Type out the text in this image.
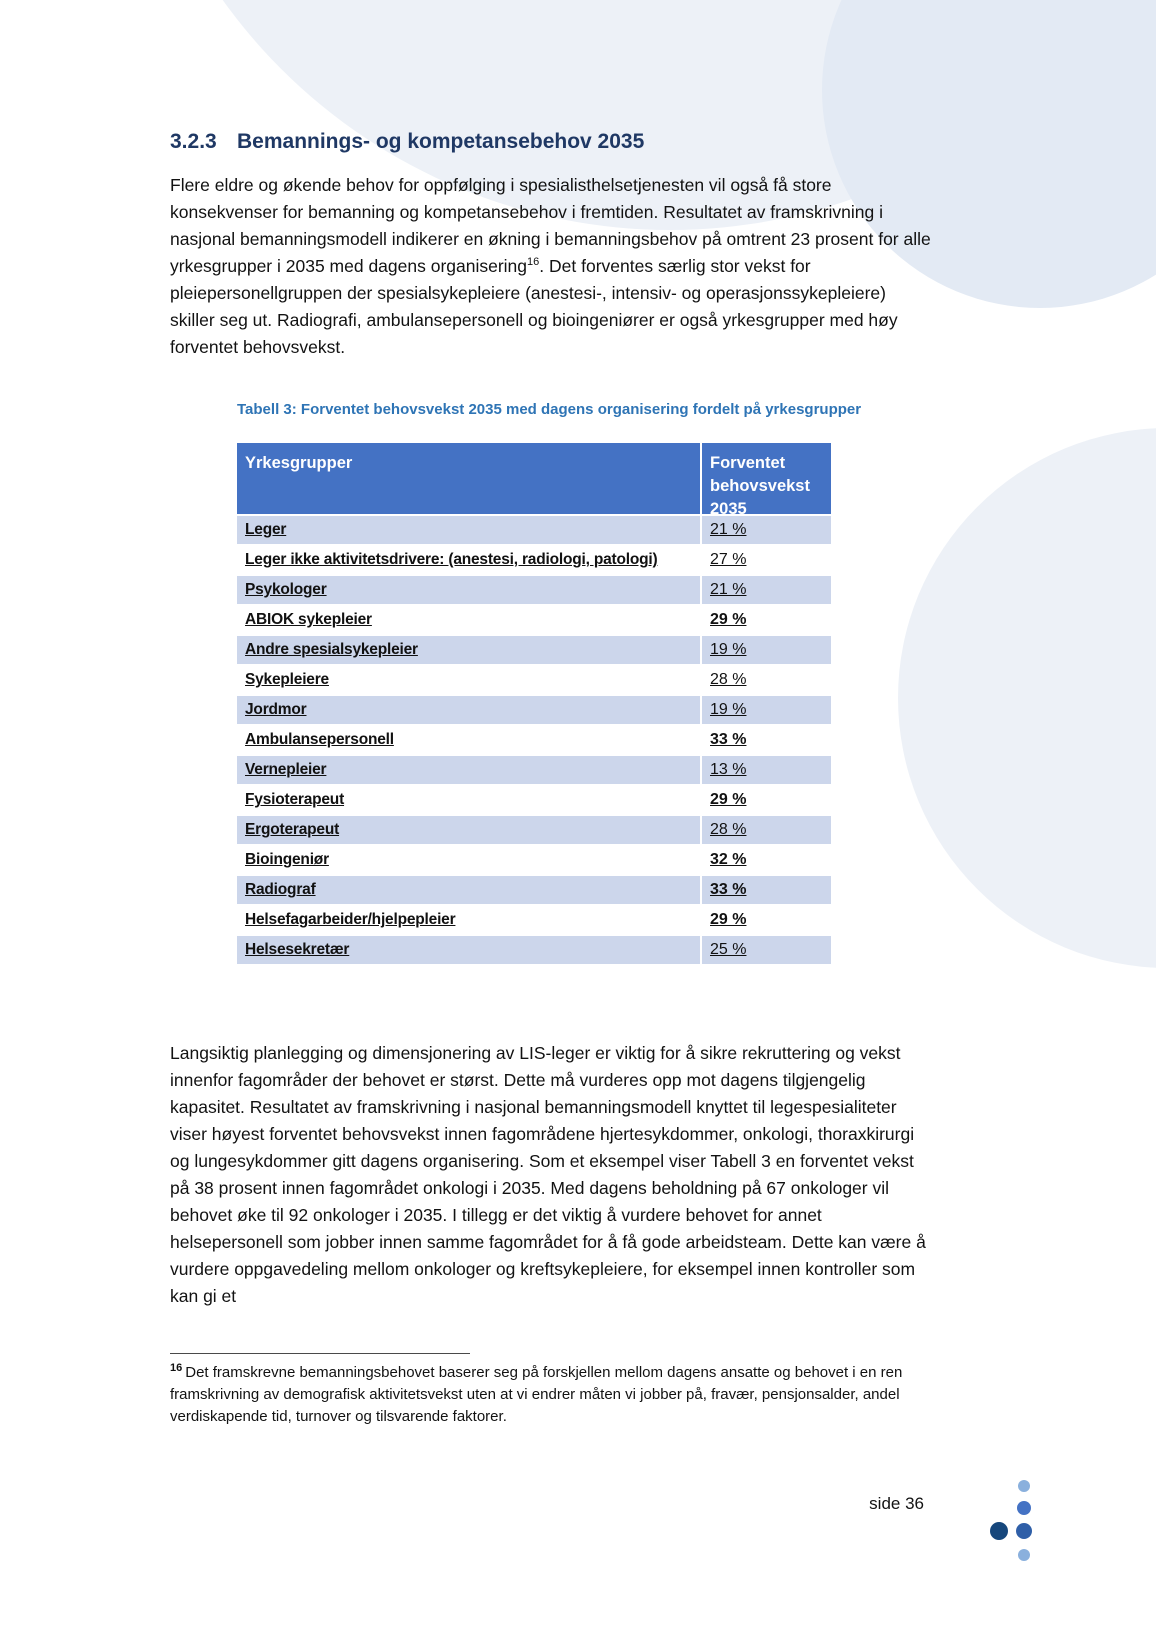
3.2.3 Bemannings- og kompetansebehov 2035

Flere eldre og økende behov for oppfølging i spesialisthelsetjenesten vil også få store konsekvenser for bemanning og kompetansebehov i fremtiden. Resultatet av framskrivning i nasjonal bemanningsmodell indikerer en økning i bemanningsbehov på omtrent 23 prosent for alle yrkesgrupper i 2035 med dagens organisering$^{16}$. Det forventes særlig stor vekst for pleiepersonellgruppen der spesialsykepleiere (anestesi-, intensiv- og operasjonssykepleiere) skiller seg ut. Radiografi, ambulansepersonell og bioingeniører er også yrkesgrupper med høy forventet behovsvekst.

Tabell 3: Forventet behovsvekst 2035 med dagens organisering fordelt på yrkesgrupper
Yrkesgrupper	Forventet behovsvekst 2035

Leger	21 %
Leger ikke aktivitetsdrivere: (anestesi, radiologi, patologi)	27 %
Psykologer	21 %
ABIOK sykepleier	29 %
Andre spesialsykepleier	19 %
Sykepleiere	28 %
Jordmor	19 %
Ambulansepersonell	33 %
Vernepleier	13 %
Fysioterapeut	29 %
Ergoterapeut	28 %
Bioingeniør	32 %
Radiograf	33 %
Helsefagarbeider/hjelpepleier	29 %
Helsesekretær	25 %

Langsiktig planlegging og dimensjonering av LIS-leger er viktig for å sikre rekruttering og vekst innenfor fagområder der behovet er størst. Dette må vurderes opp mot dagens tilgjengelig kapasitet. Resultatet av framskrivning i nasjonal bemanningsmodell knyttet til legespesialiteter viser høyest forventet behovsvekst innen fagområdene hjertesykdommer, onkologi, thoraxkirurgi og lungesykdommer gitt dagens organisering. Som et eksempel viser Tabell 3 en forventet vekst på 38 prosent innen fagområdet onkologi i 2035. Med dagens beholdning på 67 onkologer vil behovet øke til 92 onkologer i 2035. I tillegg er det viktig å vurdere behovet for annet helsepersonell som jobber innen samme fagområdet for å få gode arbeidsteam. Dette kan være å vurdere oppgavedeling mellom onkologer og kreftsykepleiere, for eksempel innen kontroller som kan gi et

$^{16}$ Det framskrevne bemanningsbehovet baserer seg på forskjellen mellom dagens ansatte og behovet i en ren framskrivning av demografisk aktivitetsvekst uten at vi endrer måten vi jobber på, fravær, pensjonsalder, andel verdiskapende tid, turnover og tilsvarende faktorer.

side 36
